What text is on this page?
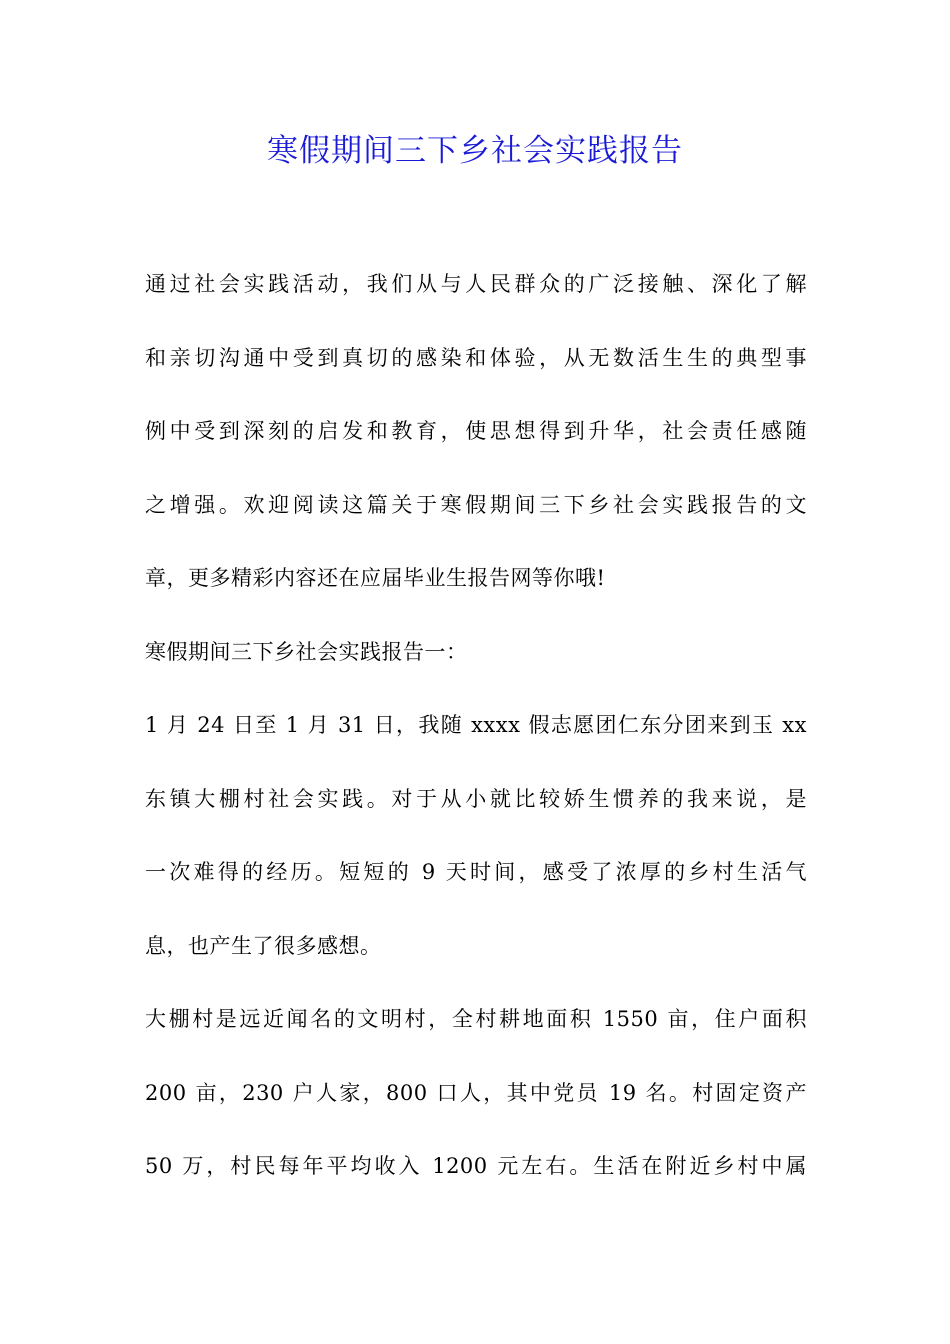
寒假期间三下乡社会实践报告
通过社会实践活动，我们从与人民群众的广泛接触、深化了解
和亲切沟通中受到真切的感染和体验，从无数活生生的典型事
例中受到深刻的启发和教育，使思想得到升华，社会责任感随
之增强。欢迎阅读这篇关于寒假期间三下乡社会实践报告的文
章，更多精彩内容还在应届毕业生报告网等你哦!
寒假期间三下乡社会实践报告一：
1 月 24 日至 1 月 31 日，我随 xxxx 假志愿团仁东分团来到玉 xx
东镇大棚村社会实践。对于从小就比较娇生惯养的我来说，是
一次难得的经历。短短的 9 天时间，感受了浓厚的乡村生活气
息，也产生了很多感想。
大棚村是远近闻名的文明村，全村耕地面积 1550 亩，住户面积
200 亩，230 户人家，800 口人，其中党员 19 名。村固定资产
50 万，村民每年平均收入 1200 元左右。生活在附近乡村中属
